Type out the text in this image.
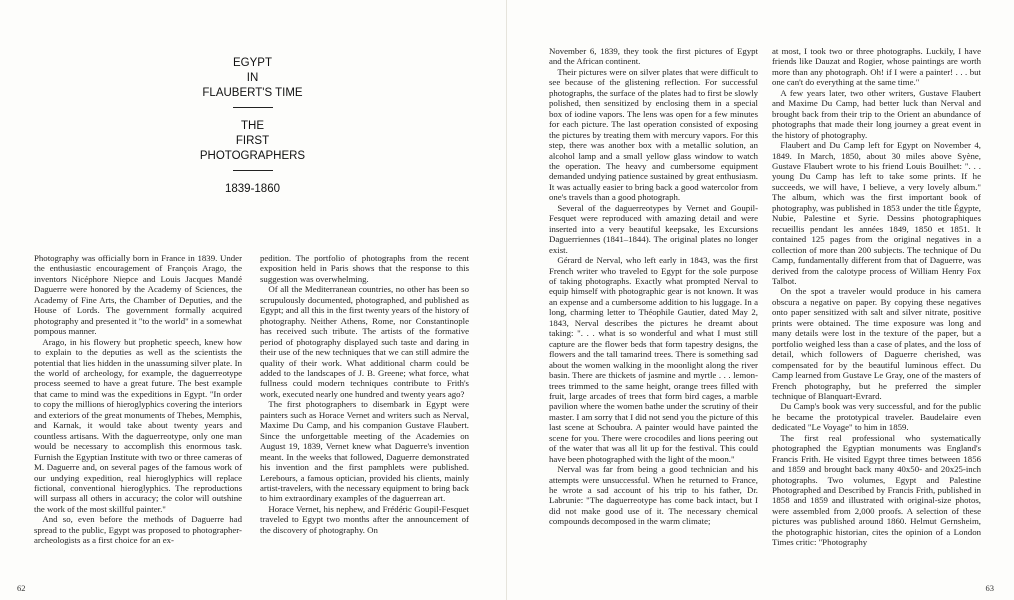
EGYPT
IN
FLAUBERT'S TIME
THE
FIRST
PHOTOGRAPHERS
1839-1860

Photography was officially born in France in 1839. Under the enthusiastic encouragement of François Arago, the inventors Nicéphore Niepce and Louis Jacques Mandé Daguerre were honored by the Academy of Sciences, the Academy of Fine Arts, the Chamber of Deputies, and the House of Lords. The government formally acquired photography and presented it "to the world" in a somewhat pompous manner.

Arago, in his flowery but prophetic speech, knew how to explain to the deputies as well as the scientists the potential that lies hidden in the unassuming silver plate. In the world of archeology, for example, the daguerreotype process seemed to have a great future. The best example that came to mind was the expeditions in Egypt. "In order to copy the millions of hieroglyphics covering the interiors and exteriors of the great monuments of Thebes, Memphis, and Karnak, it would take about twenty years and countless artisans. With the daguerreotype, only one man would be necessary to accomplish this enormous task. Furnish the Egyptian Institute with two or three cameras of M. Daguerre and, on several pages of the famous work of our undying expedition, real hieroglyphics will replace fictional, conventional hieroglyphics. The reproductions will surpass all others in accuracy; the color will outshine the work of the most skillful painter."

And so, even before the methods of Daguerre had spread to the public, Egypt was proposed to photographer-archeologists as a first choice for an ex-

pedition. The portfolio of photographs from the recent exposition held in Paris shows that the response to this suggestion was overwhelming.

Of all the Mediterranean countries, no other has been so scrupulously documented, photographed, and published as Egypt; and all this in the first twenty years of the history of photography. Neither Athens, Rome, nor Constantinople has received such tribute. The artists of the formative period of photography displayed such taste and daring in their use of the new techniques that we can still admire the quality of their work. What additional charm could be added to the landscapes of J. B. Greene; what force, what fullness could modern techniques contribute to Frith's work, executed nearly one hundred and twenty years ago?

The first photographers to disembark in Egypt were painters such as Horace Vernet and writers such as Nerval, Maxime Du Camp, and his companion Gustave Flaubert. Since the unforgettable meeting of the Academies on August 19, 1839, Vernet knew what Daguerre's invention meant. In the weeks that followed, Daguerre demonstrated his invention and the first pamphlets were published. Lerebours, a famous optician, provided his clients, mainly artist-travelers, with the necessary equipment to bring back to him extraordinary examples of the daguerrean art.

Horace Vernet, his nephew, and Frédéric Goupil-Fesquet traveled to Egypt two months after the announcement of the discovery of photography. On

62

November 6, 1839, they took the first pictures of Egypt and the African continent.

Their pictures were on silver plates that were difficult to see because of the glistening reflection. For successful photographs, the surface of the plates had to first be slowly polished, then sensitized by enclosing them in a special box of iodine vapors. The lens was open for a few minutes for each picture. The last operation consisted of exposing the pictures by treating them with mercury vapors. For this step, there was another box with a metallic solution, an alcohol lamp and a small yellow glass window to watch the operation. The heavy and cumbersome equipment demanded undying patience sustained by great enthusiasm. It was actually easier to bring back a good watercolor from one's travels than a good photograph.

Several of the daguerreotypes by Vernet and Goupil-Fesquet were reproduced with amazing detail and were inserted into a very beautiful keepsake, les Excursions Daguerriennes (1841–1844). The original plates no longer exist.

Gérard de Nerval, who left early in 1843, was the first French writer who traveled to Egypt for the sole purpose of taking photographs. Exactly what prompted Nerval to equip himself with photographic gear is not known. It was an expense and a cumbersome addition to his luggage. In a long, charming letter to Théophile Gautier, dated May 2, 1843, Nerval describes the pictures he dreamt about taking: ". . . what is so wonderful and what I must still capture are the flower beds that form tapestry designs, the flowers and the tall tamarind trees. There is something sad about the women walking in the moonlight along the river basin. There are thickets of jasmine and myrtle . . . lemon-trees trimmed to the same height, orange trees filled with fruit, large arcades of trees that form bird cages, a marble pavilion where the women bathe under the scrutiny of their master. I am sorry that I did not send you the picture of this last scene at Schoubra. A painter would have painted the scene for you. There were crocodiles and lions peering out of the water that was all lit up for the festival. This could have been photographed with the light of the moon."

Nerval was far from being a good technician and his attempts were unsuccessful. When he returned to France, he wrote a sad account of his trip to his father, Dr. Labrunie: "The daguerreotype has come back intact, but I did not make good use of it. The necessary chemical compounds decomposed in the warm climate;

at most, I took two or three photographs. Luckily, I have friends like Dauzat and Rogier, whose paintings are worth more than any photograph. Oh! if I were a painter! . . . but one can't do everything at the same time."

A few years later, two other writers, Gustave Flaubert and Maxime Du Camp, had better luck than Nerval and brought back from their trip to the Orient an abundance of photographs that made their long journey a great event in the history of photography.

Flaubert and Du Camp left for Egypt on November 4, 1849. In March, 1850, about 30 miles above Syène, Gustave Flaubert wrote to his friend Louis Bouilhet: ". . . young Du Camp has left to take some prints. If he succeeds, we will have, I believe, a very lovely album." The album, which was the first important book of photography, was published in 1853 under the title Égypte, Nubie, Palestine et Syrie. Dessins photographiques recueillis pendant les années 1849, 1850 et 1851. It contained 125 pages from the original negatives in a collection of more than 200 subjects. The technique of Du Camp, fundamentally different from that of Daguerre, was derived from the calotype process of William Henry Fox Talbot.

On the spot a traveler would produce in his camera obscura a negative on paper. By copying these negatives onto paper sensitized with salt and silver nitrate, positive prints were obtained. The time exposure was long and many details were lost in the texture of the paper, but a portfolio weighed less than a case of plates, and the loss of detail, which followers of Daguerre cherished, was compensated for by the beautiful luminous effect. Du Camp learned from Gustave Le Gray, one of the masters of French photography, but he preferred the simpler technique of Blanquart-Evrard.

Du Camp's book was very successful, and for the public he became the prototypical traveler. Baudelaire even dedicated "Le Voyage" to him in 1859.

The first real professional who systematically photographed the Egyptian monuments was England's Francis Frith. He visited Egypt three times between 1856 and 1859 and brought back many 40x50- and 20x25-inch photographs. Two volumes, Egypt and Palestine Photographed and Described by Francis Frith, published in 1858 and 1859 and illustrated with original-size photos, were assembled from 2,000 proofs. A selection of these pictures was published around 1860. Helmut Gernsheim, the photographic historian, cites the opinion of a London Times critic: "Photography

63
